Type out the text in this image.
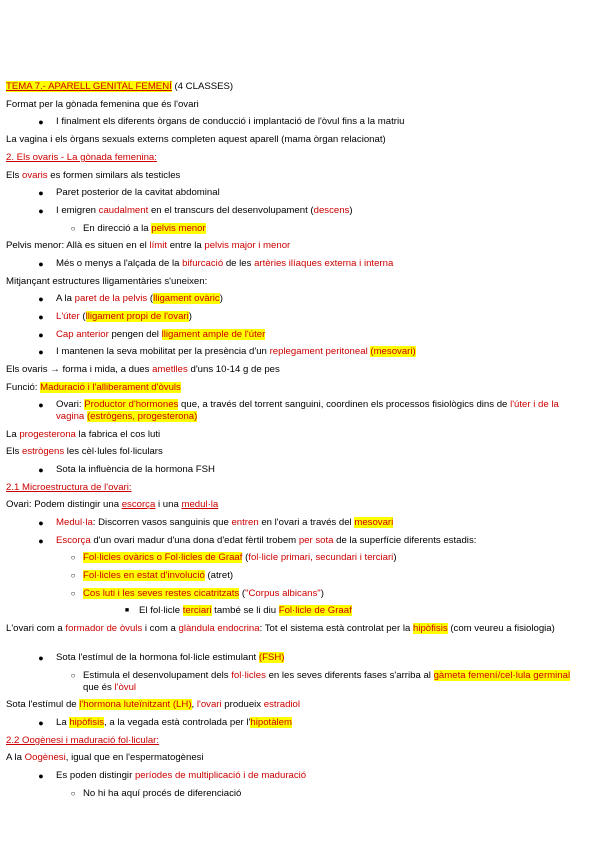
TEMA 7.- APARELL GENITAL FEMENÍ (4 CLASSES)
Format per la gònada femenina que és l'ovari
● I finalment els diferents òrgans de conducció i implantació de l'òvul fins a la matriu
La vagina i els òrgans sexuals externs completen aquest aparell (mama òrgan relacionat)
2. Els ovaris - La gònada femenina:
Els ovaris es formen similars als testicles
● Paret posterior de la cavitat abdominal
● I emigren caudalment en el transcurs del desenvolupament (descens)
○ En direcció a la pelvis menor
Pelvis menor: Allà es situen en el límit entre la pelvis major i menor
● Més o menys a l'alçada de la bifurcació de les artèries ilíaques externa i interna
Mitjançant estructures lligamentàries s'uneixen:
● A la paret de la pelvis (lligament ovàric)
● L'úter (lligament propi de l'ovari)
● Cap anterior pengen del lligament ample de l'úter
● I mantenen la seva mobilitat per la presència d'un replegament peritoneal (mesovari)
Els ovaris → forma i mida, a dues ametlles d'uns 10-14 g de pes
Funció: Maduració i l'alliberament d'òvuls
● Ovari: Productor d'hormones que, a través del torrent sanguini, coordinen els processos fisiològics dins de l'úter i de la vagina (estrògens, progesterona)
La progesterona la fabrica el cos luti
Els estrògens les cèl·lules fol·liculars
● Sota la influència de la hormona FSH
2.1 Microestructura de l'ovari:
Ovari: Podem distingir una escorça i una medul·la
● Medul·la: Discorren vasos sanguinis que entren en l'ovari a través del mesovari
● Escorça d'un ovari madur d'una dona d'edat fèrtil trobem per sota de la superfície diferents estadis:
○ Fol·licles ovàrics o Fol·licles de Graaf (fol·licle primari, secundari i terciari)
○ Fol·licles en estat d'involució (atret)
○ Cos luti i les seves restes cicatritzats ("Corpus albicans")
■	El fol·licle terciari també se li diu Fol·licle de Graaf
L'ovari com a formador de òvuls i com a glàndula endocrina: Tot el sistema està controlat per la hipòfisis (com veureu a fisiologia)
● Sota l'estímul de la hormona fol·licle estimulant (FSH)
○ Estimula el desenvolupament dels fol·licles en les seves diferents fases s'arriba al gàmeta femení/cel·lula germinal que és l'òvul
Sota l'estímul de l'hormona luteïnitzant (LH), l'ovari produeix estradiol
● La hipòfisis, a la vegada està controlada per l'hipotàlem
2.2 Oogènesi i maduració fol·licular:
A la Oogènesi, igual que en l'espermatogènesi
● Es poden distingir períodes de multiplicació i de maduració
○ No hi ha aquí procés de diferenciació
